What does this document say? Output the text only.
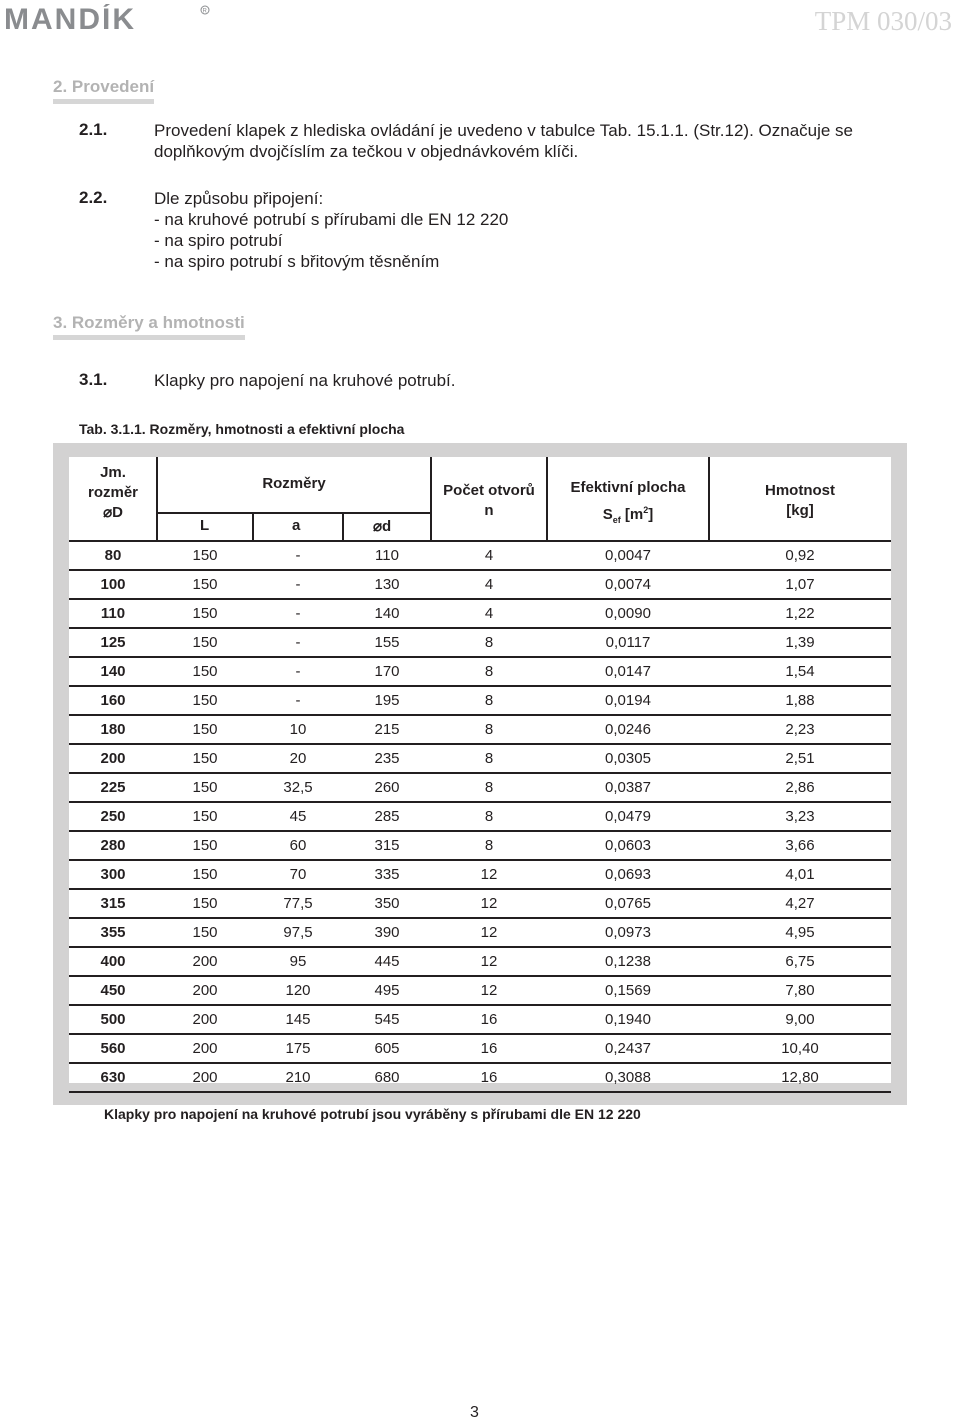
MANDÍK	R	TPM 030/03
2. Provedení
2.1.	Provedení klapek z hlediska ovládání je uvedeno v tabulce Tab. 15.1.1. (Str.12). Označuje se
doplňkovým dvojčíslím za tečkou v objednávkovém klíči.
2.2.	Dle způsobu připojení:
- na kruhové potrubí s přírubami dle EN 12 220
- na spiro potrubí
- na spiro potrubí s břitovým těsněním
3. Rozměry a hmotnosti
3.1.	Klapky pro napojení na kruhové potrubí.
Tab. 3.1.1. Rozměry, hmotnosti a efektivní plocha
Jm.
rozměr
⌀D
Rozměry
L	a	⌀d
Počet otvorů
n
Efektivní plocha
$S_{ef}$ $[m^2]$
Hmotnost
[kg]
80	150	-	110	4	0,0047	0,92
100	150	-	130	4	0,0074	1,07
110	150	-	140	4	0,0090	1,22
125	150	-	155	8	0,0117	1,39
140	150	-	170	8	0,0147	1,54
160	150	-	195	8	0,0194	1,88
180	150	10	215	8	0,0246	2,23
200	150	20	235	8	0,0305	2,51
225	150	32,5	260	8	0,0387	2,86
250	150	45	285	8	0,0479	3,23
280	150	60	315	8	0,0603	3,66
300	150	70	335	12	0,0693	4,01
315	150	77,5	350	12	0,0765	4,27
355	150	97,5	390	12	0,0973	4,95
400	200	95	445	12	0,1238	6,75
450	200	120	495	12	0,1569	7,80
500	200	145	545	16	0,1940	9,00
560	200	175	605	16	0,2437	10,40
630	200	210	680	16	0,3088	12,80
Klapky pro napojení na kruhové potrubí jsou vyráběny s přírubami dle EN 12 220
3
